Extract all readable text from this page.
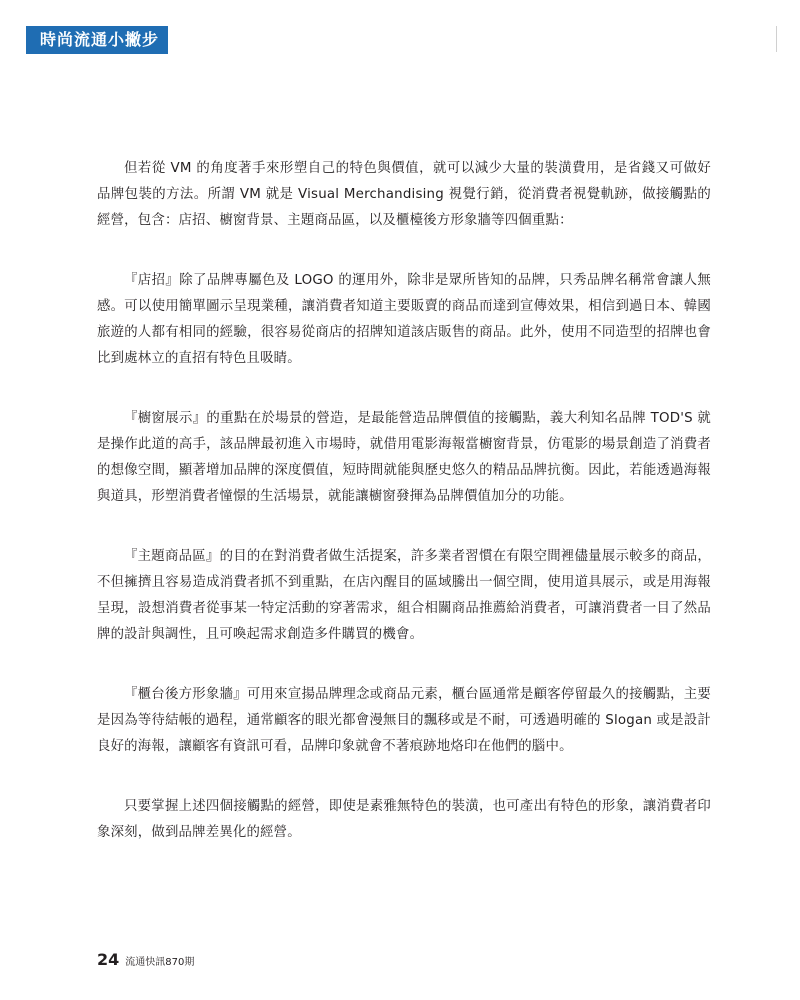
時尚流通小撇步

但若從 VM 的角度著手來形塑自己的特色與價值，就可以減少大量的裝潢費用，是省錢又可做好品牌包裝的方法。所謂 VM 就是 Visual Merchandising 視覺行銷，從消費者視覺軌跡，做接觸點的經營，包含：店招、櫥窗背景、主題商品區，以及櫃檯後方形象牆等四個重點：

『店招』除了品牌專屬色及 LOGO 的運用外，除非是眾所皆知的品牌，只秀品牌名稱常會讓人無感。可以使用簡單圖示呈現業種，讓消費者知道主要販賣的商品而達到宣傳效果，相信到過日本、韓國旅遊的人都有相同的經驗，很容易從商店的招牌知道該店販售的商品。此外，使用不同造型的招牌也會比到處林立的直招有特色且吸睛。

『櫥窗展示』的重點在於場景的營造，是最能營造品牌價值的接觸點，義大利知名品牌 TOD'S 就是操作此道的高手，該品牌最初進入市場時，就借用電影海報當櫥窗背景，仿電影的場景創造了消費者的想像空間，顯著增加品牌的深度價值，短時間就能與歷史悠久的精品品牌抗衡。因此，若能透過海報與道具，形塑消費者憧憬的生活場景，就能讓櫥窗發揮為品牌價值加分的功能。

『主題商品區』的目的在對消費者做生活提案，許多業者習慣在有限空間裡儘量展示較多的商品，不但擁擠且容易造成消費者抓不到重點，在店內醒目的區域騰出一個空間，使用道具展示，或是用海報呈現，設想消費者從事某一特定活動的穿著需求，組合相關商品推薦給消費者，可讓消費者一目了然品牌的設計與調性，且可喚起需求創造多件購買的機會。

『櫃台後方形象牆』可用來宣揚品牌理念或商品元素，櫃台區通常是顧客停留最久的接觸點，主要是因為等待結帳的過程，通常顧客的眼光都會漫無目的飄移或是不耐，可透過明確的 Slogan 或是設計良好的海報，讓顧客有資訊可看，品牌印象就會不著痕跡地烙印在他們的腦中。

只要掌握上述四個接觸點的經營，即使是素雅無特色的裝潢，也可產出有特色的形象，讓消費者印象深刻，做到品牌差異化的經營。

24 流通快訊870期
